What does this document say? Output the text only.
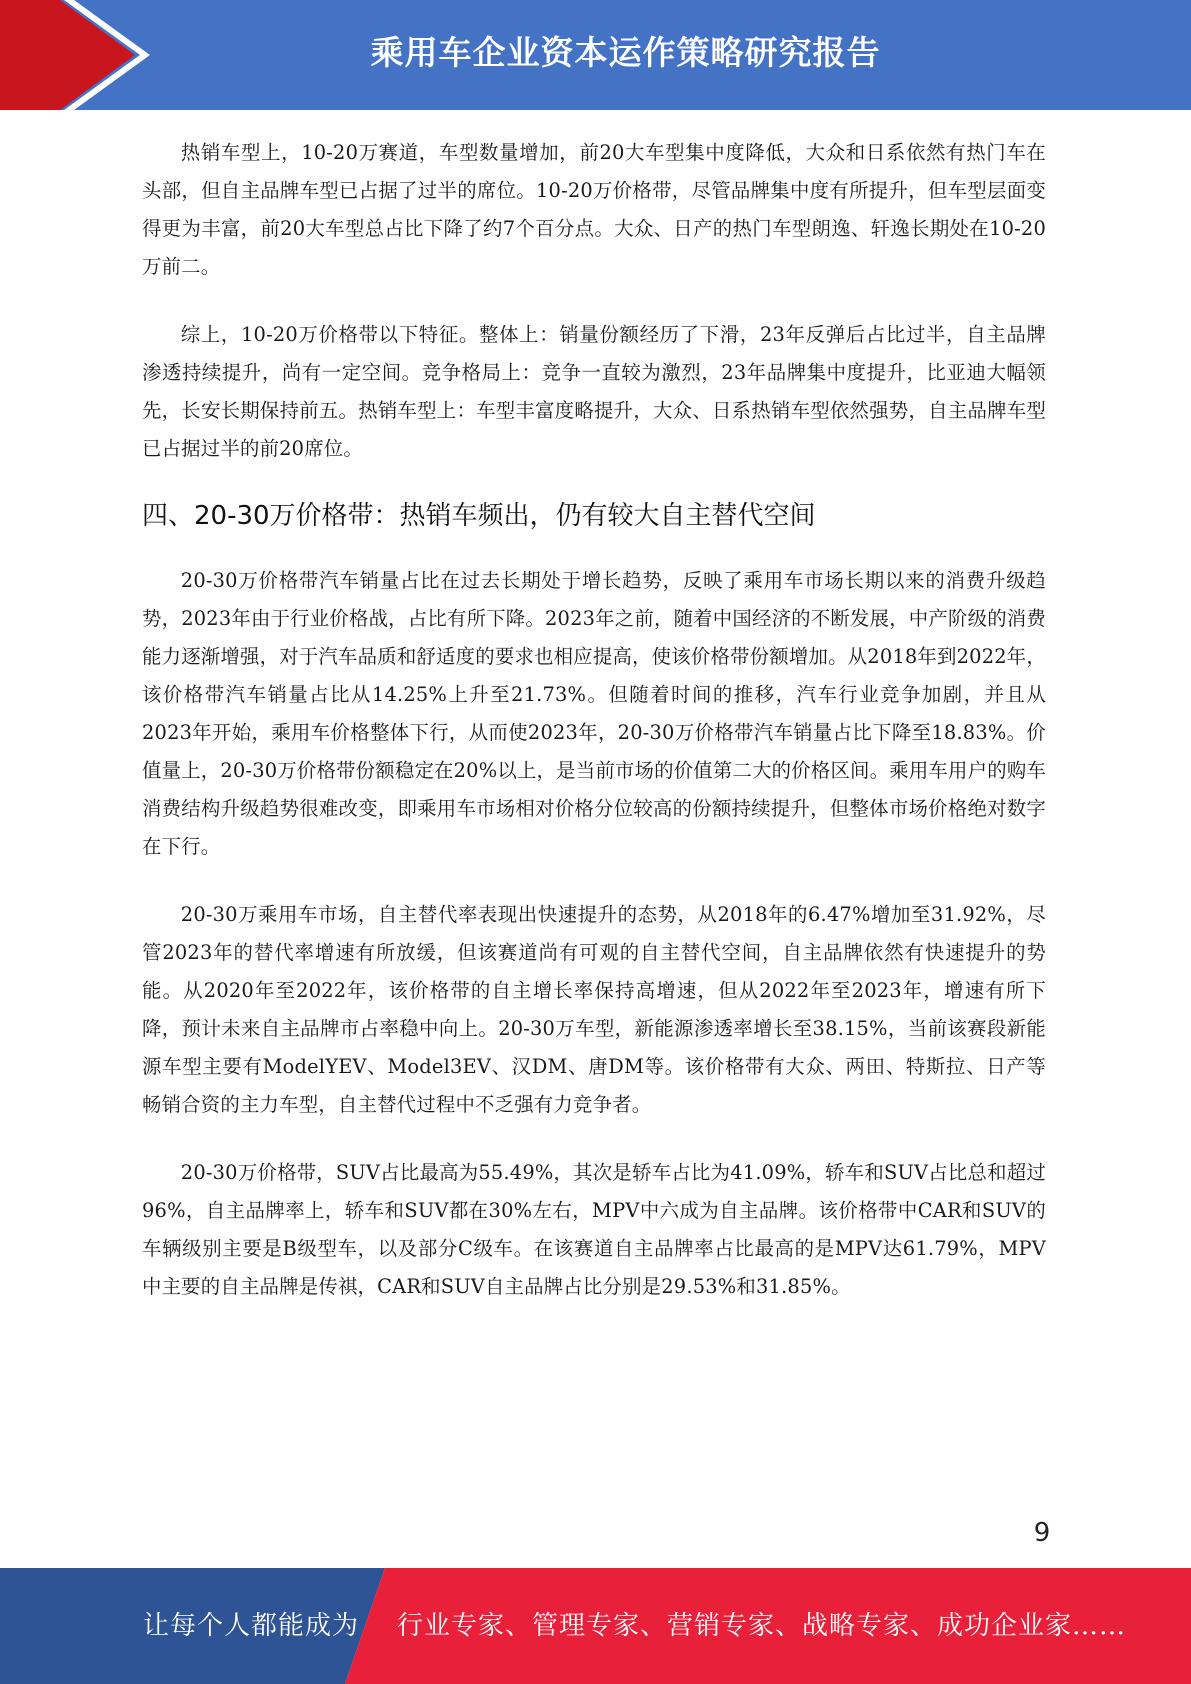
乘用车企业资本运作策略研究报告

热销车型上，10-20万赛道，车型数量增加，前20大车型集中度降低，大众和日系依然有热门车在头部，但自主品牌车型已占据了过半的席位。10-20万价格带，尽管品牌集中度有所提升，但车型层面变得更为丰富，前20大车型总占比下降了约7个百分点。大众、日产的热门车型朗逸、轩逸长期处在10-20万前二。

综上，10-20万价格带以下特征。整体上：销量份额经历了下滑，23年反弹后占比过半，自主品牌渗透持续提升，尚有一定空间。竞争格局上：竞争一直较为激烈，23年品牌集中度提升，比亚迪大幅领先，长安长期保持前五。热销车型上：车型丰富度略提升，大众、日系热销车型依然强势，自主品牌车型已占据过半的前20席位。

四、20-30万价格带：热销车频出，仍有较大自主替代空间

20-30万价格带汽车销量占比在过去长期处于增长趋势，反映了乘用车市场长期以来的消费升级趋势，2023年由于行业价格战，占比有所下降。2023年之前，随着中国经济的不断发展，中产阶级的消费能力逐渐增强，对于汽车品质和舒适度的要求也相应提高，使该价格带份额增加。从2018年到2022年，该价格带汽车销量占比从14.25%上升至21.73%。但随着时间的推移，汽车行业竞争加剧，并且从2023年开始，乘用车价格整体下行，从而使2023年，20-30万价格带汽车销量占比下降至18.83%。价值量上，20-30万价格带份额稳定在20%以上，是当前市场的价值第二大的价格区间。乘用车用户的购车消费结构升级趋势很难改变，即乘用车市场相对价格分位较高的份额持续提升，但整体市场价格绝对数字在下行。

20-30万乘用车市场，自主替代率表现出快速提升的态势，从2018年的6.47%增加至31.92%，尽管2023年的替代率增速有所放缓，但该赛道尚有可观的自主替代空间，自主品牌依然有快速提升的势能。从2020年至2022年，该价格带的自主增长率保持高增速，但从2022年至2023年，增速有所下降，预计未来自主品牌市占率稳中向上。20-30万车型，新能源渗透率增长至38.15%，当前该赛段新能源车型主要有ModelYEV、Model3EV、汉DM、唐DM等。该价格带有大众、两田、特斯拉、日产等畅销合资的主力车型，自主替代过程中不乏强有力竞争者。

20-30万价格带，SUV占比最高为55.49%，其次是轿车占比为41.09%，轿车和SUV占比总和超过96%，自主品牌率上，轿车和SUV都在30%左右，MPV中六成为自主品牌。该价格带中CAR和SUV的车辆级别主要是B级型车，以及部分C级车。在该赛道自主品牌率占比最高的是MPV达61.79%，MPV中主要的自主品牌是传祺，CAR和SUV自主品牌占比分别是29.53%和31.85%。

9
让每个人都能成为 行业专家、管理专家、营销专家、战略专家、成功企业家……
